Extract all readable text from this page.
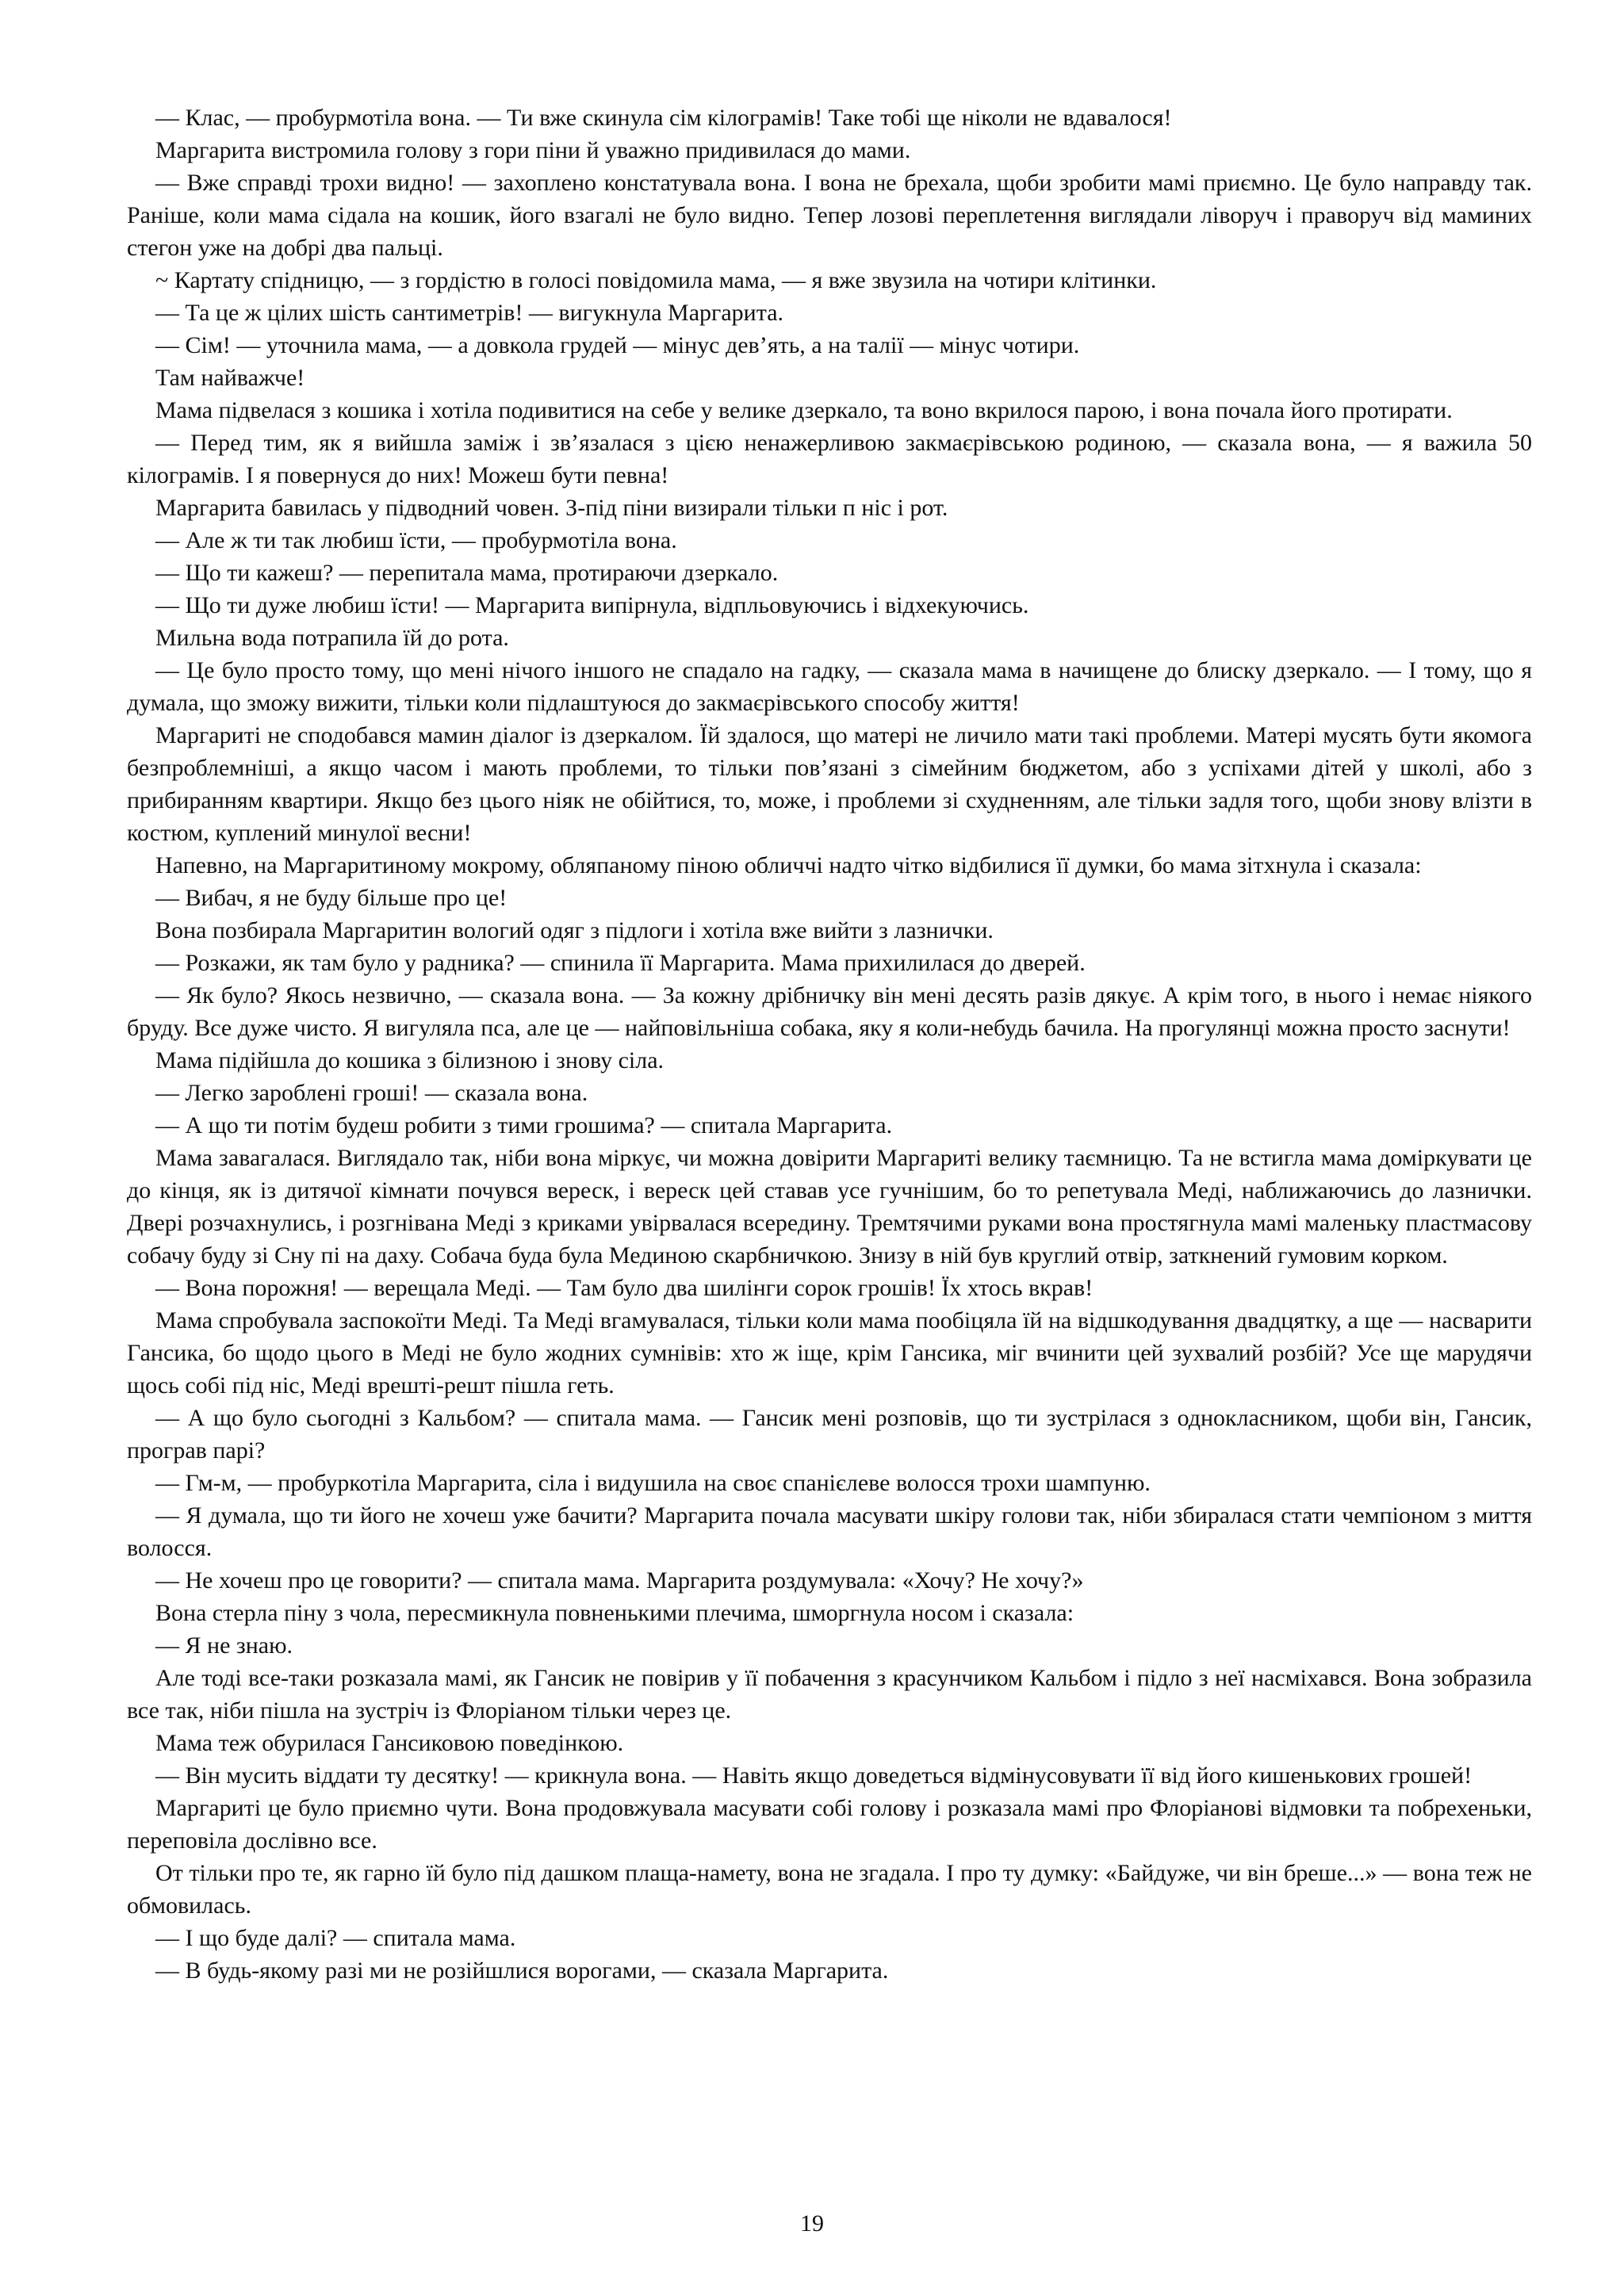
— Клас, — пробурмотіла вона. — Ти вже скинула сім кілограмів! Таке тобі ще ніколи не вдавалося!

Маргарита вистромила голову з гори піни й уважно придивилася до мами.

— Вже справді трохи видно! — захоплено констатувала вона. І вона не брехала, щоби зробити мамі приємно. Це було направду так. Раніше, коли мама сідала на кошик, його взагалі не було видно. Тепер лозові переплетення виглядали ліворуч і праворуч від маминих стегон уже на добрі два пальці.

~ Картату спідницю, — з гордістю в голосі повідомила мама, — я вже звузила на чотири клітинки.

— Та це ж цілих шість сантиметрів! — вигукнула Маргарита.

— Сім! — уточнила мама, — а довкола грудей — мінус дев’ять, а на талії — мінус чотири.

Там найважче!

Мама підвелася з кошика і хотіла подивитися на себе у велике дзеркало, та воно вкрилося парою, і вона почала його протирати.

— Перед тим, як я вийшла заміж і зв’язалася з цією ненажерливою закмаєрівською родиною, — сказала вона, — я важила 50 кілограмів. І я повернуся до них! Можеш бути певна!

Маргарита бавилась у підводний човен. З-під піни визирали тільки п ніс і рот.

— Але ж ти так любиш їсти, — пробурмотіла вона.

— Що ти кажеш? — перепитала мама, протираючи дзеркало.

— Що ти дуже любиш їсти! — Маргарита випірнула, відпльовуючись і відхекуючись.

Мильна вода потрапила їй до рота.

— Це було просто тому, що мені нічого іншого не спадало на гадку, — сказала мама в начищене до блиску дзеркало. — І тому, що я думала, що зможу вижити, тільки коли підлаштуюся до закмаєрівського способу життя!

Маргариті не сподобався мамин діалог із дзеркалом. Їй здалося, що матері не личило мати такі проблеми. Матері мусять бути якомога безпроблемніші, а якщо часом і мають проблеми, то тільки пов’язані з сімейним бюджетом, або з успіхами дітей у школі, або з прибиранням квартири. Якщо без цього ніяк не обійтися, то, може, і проблеми зі схудненням, але тільки задля того, щоби знову влізти в костюм, куплений минулої весни!

Напевно, на Маргаритиному мокрому, обляпаному піною обличчі надто чітко відбилися її думки, бо мама зітхнула і сказала:

— Вибач, я не буду більше про це!

Вона позбирала Маргаритин вологий одяг з підлоги і хотіла вже вийти з лазнички.

— Розкажи, як там було у радника? — спинила її Маргарита. Мама прихилилася до дверей.

— Як було? Якось незвично, — сказала вона. — За кожну дрібничку він мені десять разів дякує. А крім того, в нього і немає ніякого бруду. Все дуже чисто. Я вигуляла пса, але це — найповільніша собака, яку я коли-небудь бачила. На прогулянці можна просто заснути!

Мама підійшла до кошика з білизною і знову сіла.

— Легко зароблені гроші! — сказала вона.

— А що ти потім будеш робити з тими грошима? — спитала Маргарита.

Мама завагалася. Виглядало так, ніби вона міркує, чи можна довірити Маргариті велику таємницю. Та не встигла мама доміркувати це до кінця, як із дитячої кімнати почувся вереск, і вереск цей ставав усе гучнішим, бо то репетувала Меді, наближаючись до лазнички. Двері розчахнулись, і розгнівана Меді з криками увірвалася всередину. Тремтячими руками вона простягнула мамі маленьку пластмасову собачу буду зі Сну пі на даху. Собача буда була Мединою скарбничкою. Знизу в ній був круглий отвір, заткнений гумовим корком.

— Вона порожня! — верещала Меді. — Там було два шилінги сорок грошів! Їх хтось вкрав!

Мама спробувала заспокоїти Меді. Та Меді вгамувалася, тільки коли мама пообіцяла їй на відшкодування двадцятку, а ще — насварити Гансика, бо щодо цього в Меді не було жодних сумнівів: хто ж іще, крім Гансика, міг вчинити цей зухвалий розбій? Усе ще марудячи щось собі під ніс, Меді врешті-решт пішла геть.

— А що було сьогодні з Кальбом? — спитала мама. — Гансик мені розповів, що ти зустрілася з однокласником, щоби він, Гансик, програв парі?

— Гм-м, — пробуркотіла Маргарита, сіла і видушила на своє спанієлеве волосся трохи шампуню.

— Я думала, що ти його не хочеш уже бачити? Маргарита почала масувати шкіру голови так, ніби збиралася стати чемпіоном з миття волосся.

— Не хочеш про це говорити? — спитала мама. Маргарита роздумувала: «Хочу? Не хочу?»

Вона стерла піну з чола, пересмикнула повненькими плечима, шморгнула носом і сказала:

— Я не знаю.

Але тоді все-таки розказала мамі, як Гансик не повірив у її побачення з красунчиком Кальбом і підло з неї насміхався. Вона зобразила все так, ніби пішла на зустріч із Флоріаном тільки через це.

Мама теж обурилася Гансиковою поведінкою.

— Він мусить віддати ту десятку! — крикнула вона. — Навіть якщо доведеться відмінусовувати її від його кишенькових грошей!

Маргариті це було приємно чути. Вона продовжувала масувати собі голову і розказала мамі про Флоріанові відмовки та побрехеньки, переповіла дослівно все.

От тільки про те, як гарно їй було під дашком плаща-намету, вона не згадала. І про ту думку: «Байдуже, чи він бреше...» — вона теж не обмовилась.

— І що буде далі? — спитала мама.

— В будь-якому разі ми не розійшлися ворогами, — сказала Маргарита.

19
